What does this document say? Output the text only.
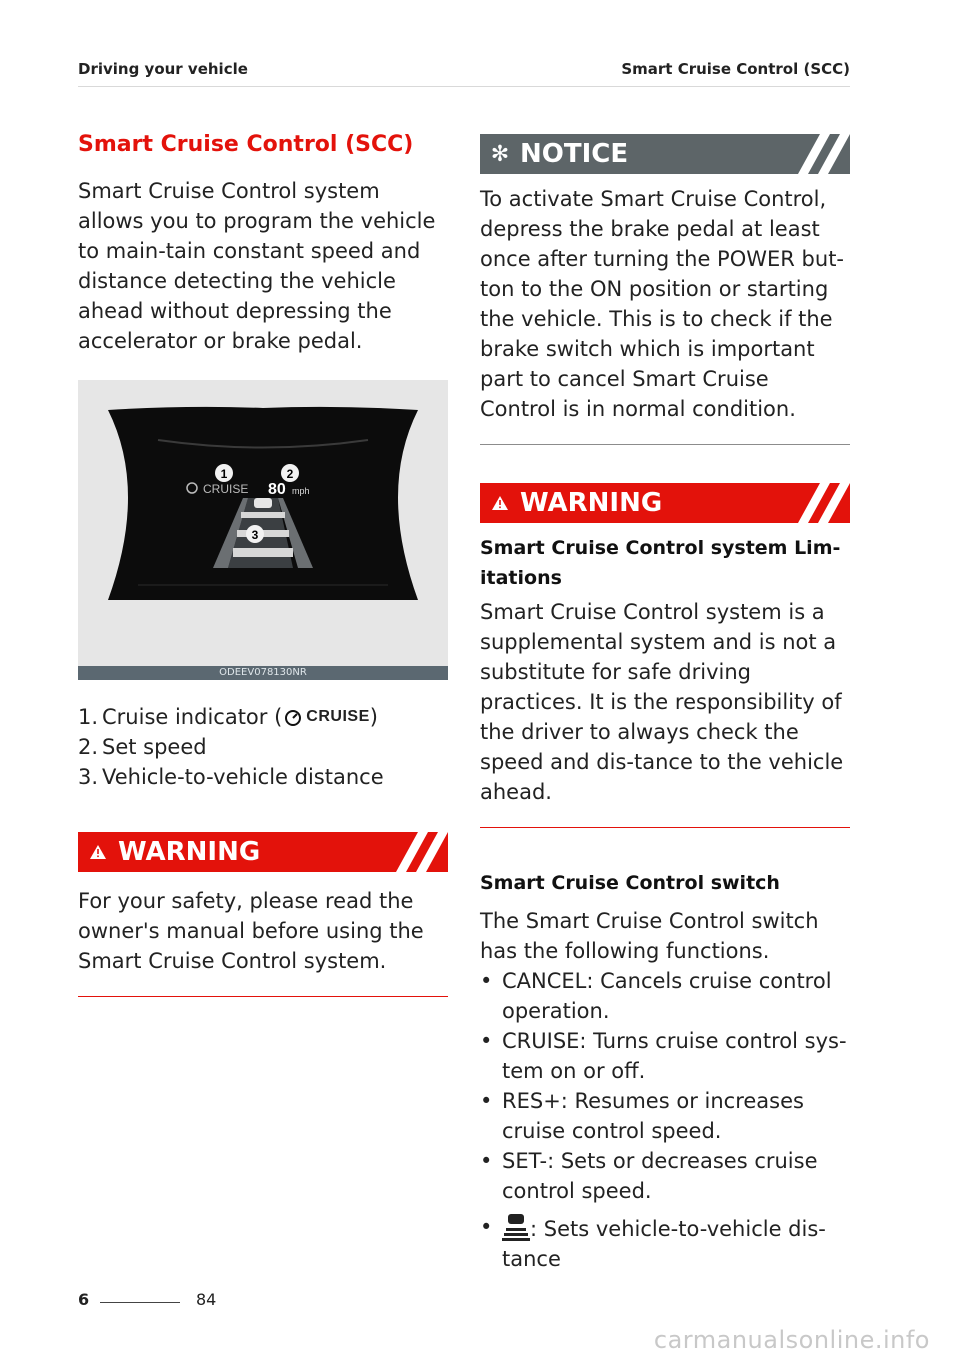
Driving your vehicle	Smart Cruise Control (SCC)
Smart Cruise Control (SCC)

Smart Cruise Control system allows you to program the vehicle to main-tain constant speed and distance detecting the vehicle ahead without depressing the accelerator or brake pedal.

CRUISE 80 mph
1	2
3
ODEEV078130NR
1. Cruise indicator ( CRUISE )
2. Set speed
3. Vehicle-to-vehicle distance
WARNING

For your safety, please read the owner's manual before using the Smart Cruise Control system.

✻ NOTICE

To activate Smart Cruise Control, depress the brake pedal at least once after turning the POWER but-ton to the ON position or starting the vehicle. This is to check if the brake switch which is important part to cancel Smart Cruise Control is in normal condition.

WARNING
Smart Cruise Control system Lim-itations

Smart Cruise Control system is a supplemental system and is not a substitute for safe driving practices. It is the responsibility of the driver to always check the speed and dis-tance to the vehicle ahead.

Smart Cruise Control switch

The Smart Cruise Control switch has the following functions.

• CANCEL: Cancels cruise control operation.
• CRUISE: Turns cruise control sys-tem on or off.
• RES+: Resumes or increases cruise control speed.
• SET-: Sets or decreases cruise control speed.
• : Sets vehicle-to-vehicle dis-tance
6	84
carmanualsonline.info
